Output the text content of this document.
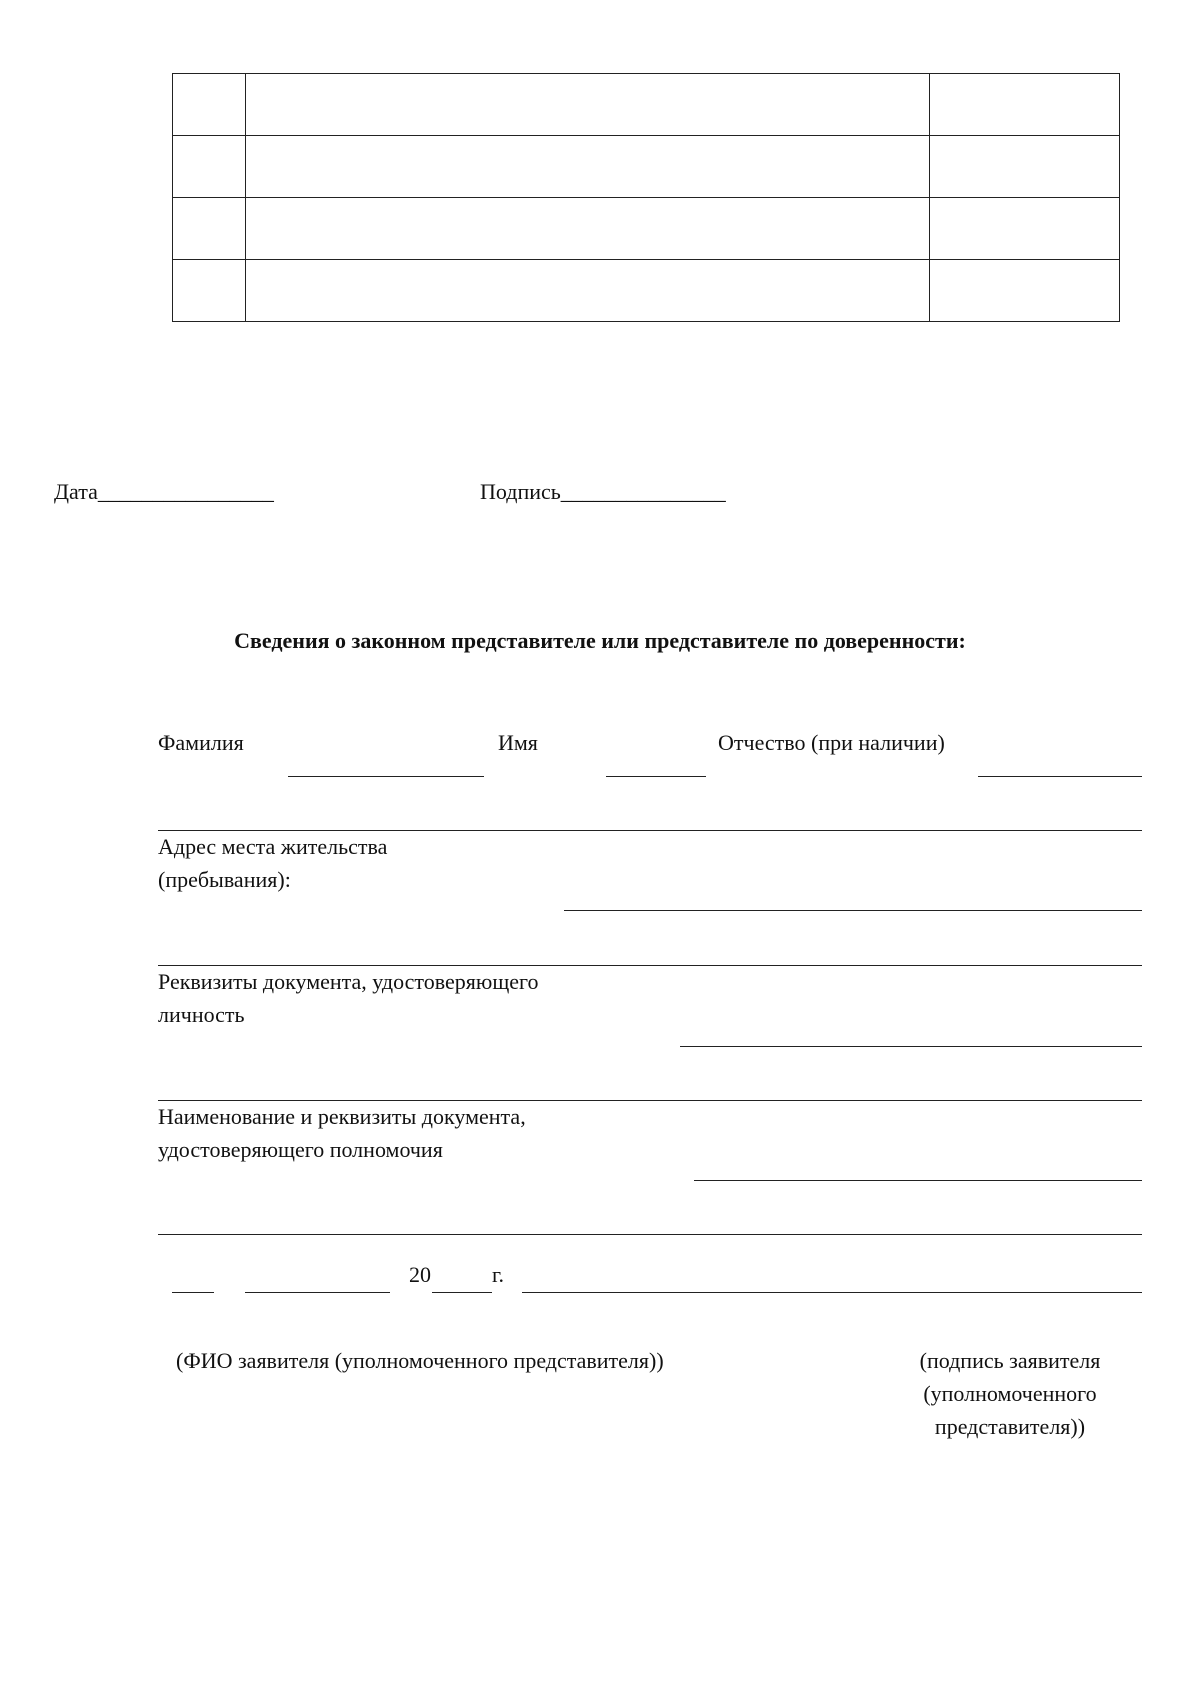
Дата________________	Подпись_______________
Сведения о законном представителе или представителе по доверенности:
Фамилия	Имя	Отчество (при наличии)
Адрес места жительства
(пребывания):
Реквизиты документа, удостоверяющего
личность
Наименование и реквизиты документа,
удостоверяющего полномочия
20	г.
(ФИО заявителя (уполномоченного представителя))	(подпись заявителя
(уполномоченного
представителя))
